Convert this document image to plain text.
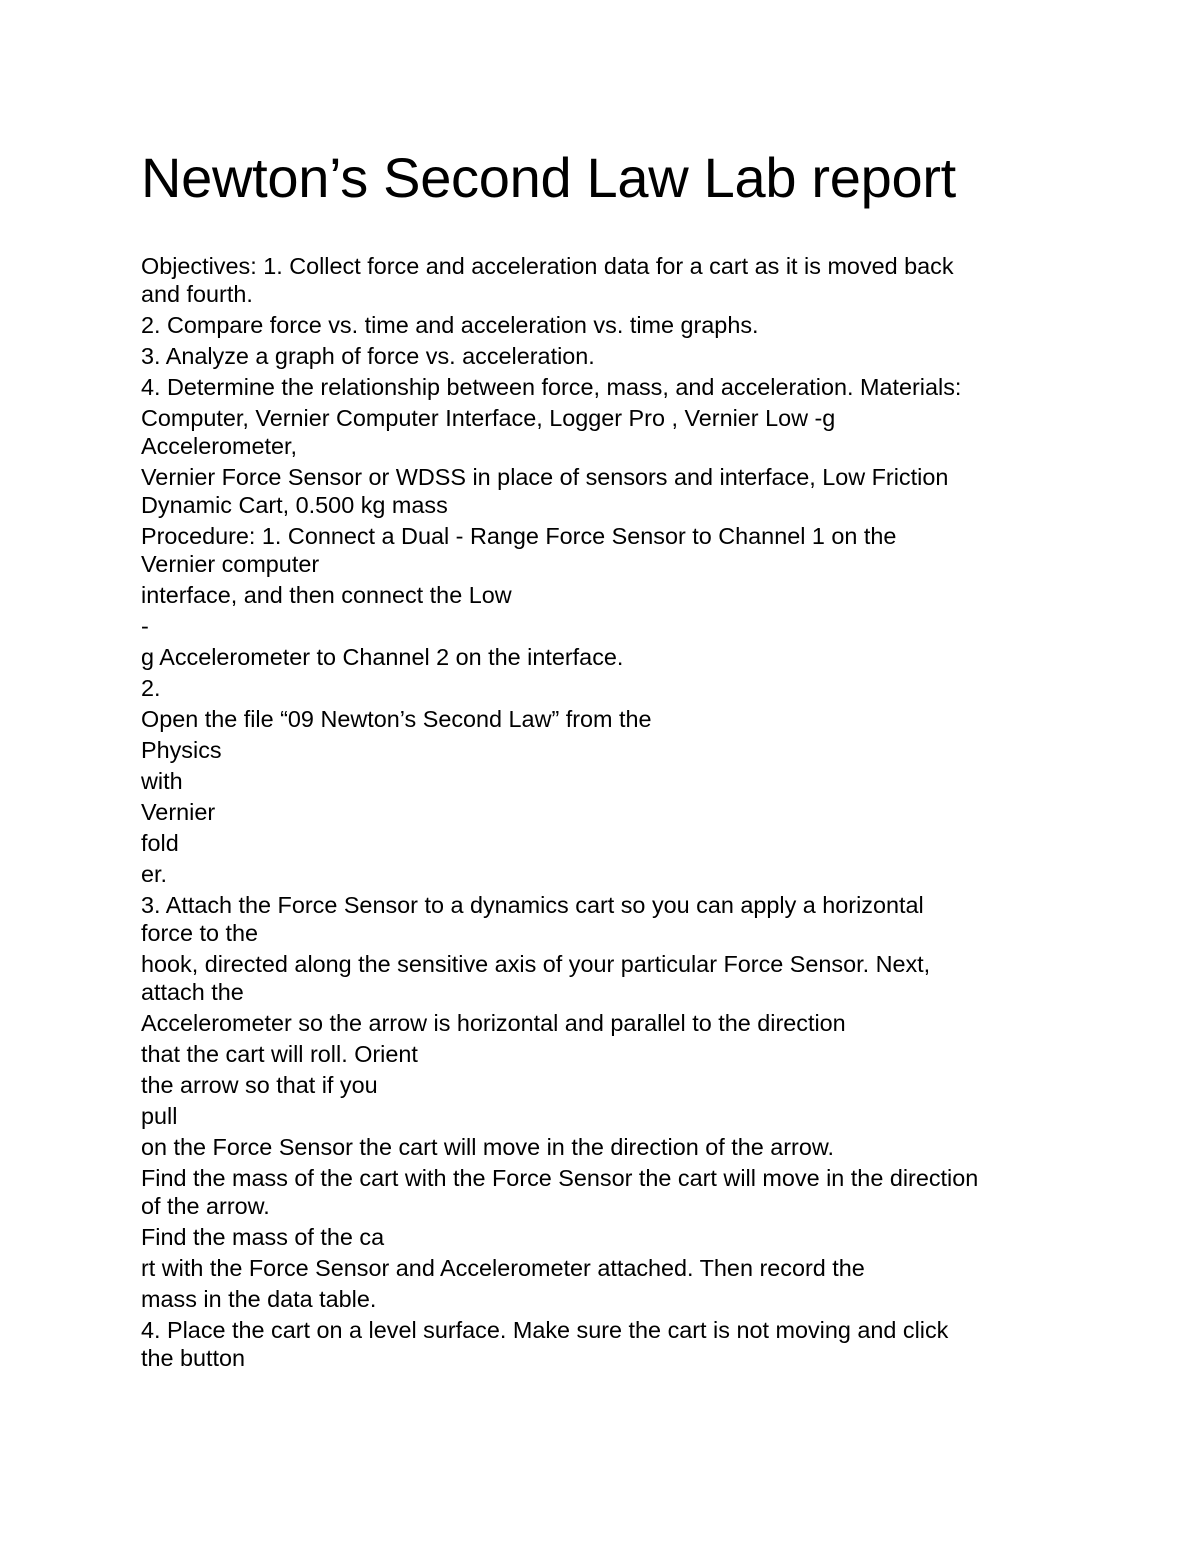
Newton’s Second Law Lab report
Objectives: 1. Collect force and acceleration data for a cart as it is moved back
and fourth.
2. Compare force vs. time and acceleration vs. time graphs.
3. Analyze a graph of force vs. acceleration.
4. Determine the relationship between force, mass, and acceleration. Materials:
Computer, Vernier Computer Interface, Logger Pro , Vernier Low -g
Accelerometer,
Vernier Force Sensor or WDSS in place of sensors and interface, Low Friction
Dynamic Cart, 0.500 kg mass
Procedure: 1. Connect a Dual - Range Force Sensor to Channel 1 on the
Vernier computer
interface, and then connect the Low
-
g Accelerometer to Channel 2 on the interface.
2.
Open the file “09 Newton’s Second Law” from the
Physics
with
Vernier
fold
er.
3. Attach the Force Sensor to a dynamics cart so you can apply a horizontal
force to the
hook, directed along the sensitive axis of your particular Force Sensor. Next,
attach the
Accelerometer so the arrow is horizontal and parallel to the direction
that the cart will roll. Orient
the arrow so that if you
pull
on the Force Sensor the cart will move in the direction of the arrow.
Find the mass of the cart with the Force Sensor the cart will move in the direction
of the arrow.
Find the mass of the ca
rt with the Force Sensor and Accelerometer attached. Then record the
mass in the data table.
4. Place the cart on a level surface. Make sure the cart is not moving and click
the button
